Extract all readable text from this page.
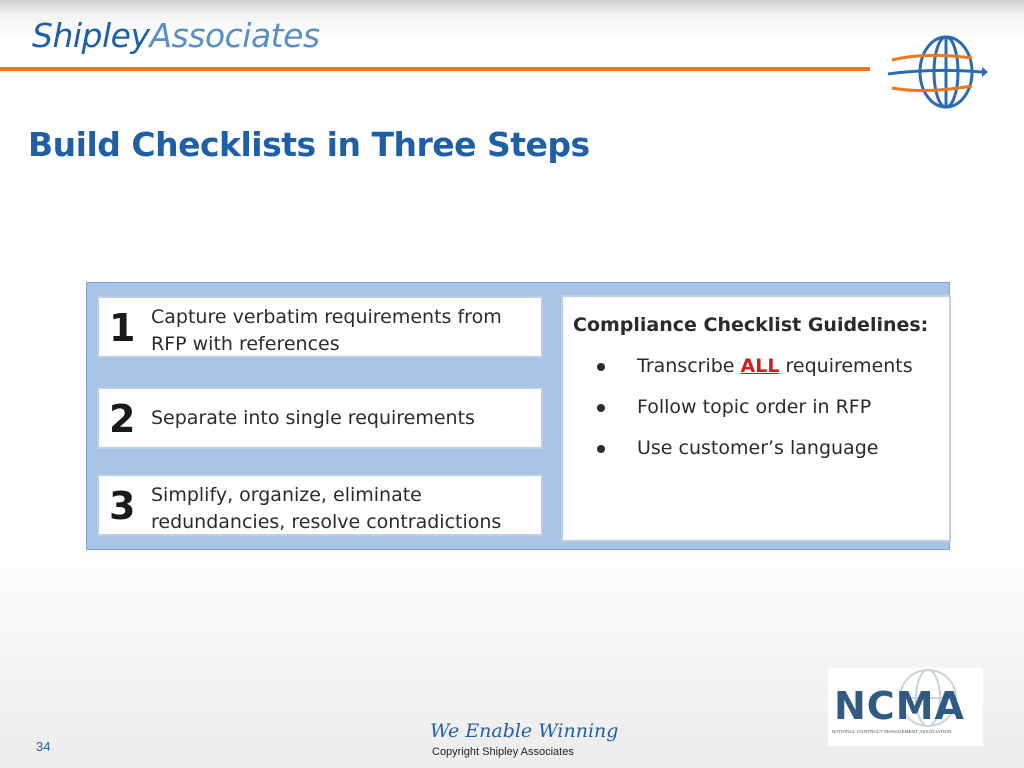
ShipleyAssociates
Build Checklists in Three Steps
1 Capture verbatim requirements from RFP with references
2 Separate into single requirements
3 Simplify, organize, eliminate redundancies, resolve contradictions
Compliance Checklist Guidelines:
Transcribe ALL requirements
Follow topic order in RFP
Use customer’s language
34
We Enable Winning
Copyright Shipley Associates
NCMA
NATIONAL CONTRACT MANAGEMENT ASSOCIATION
